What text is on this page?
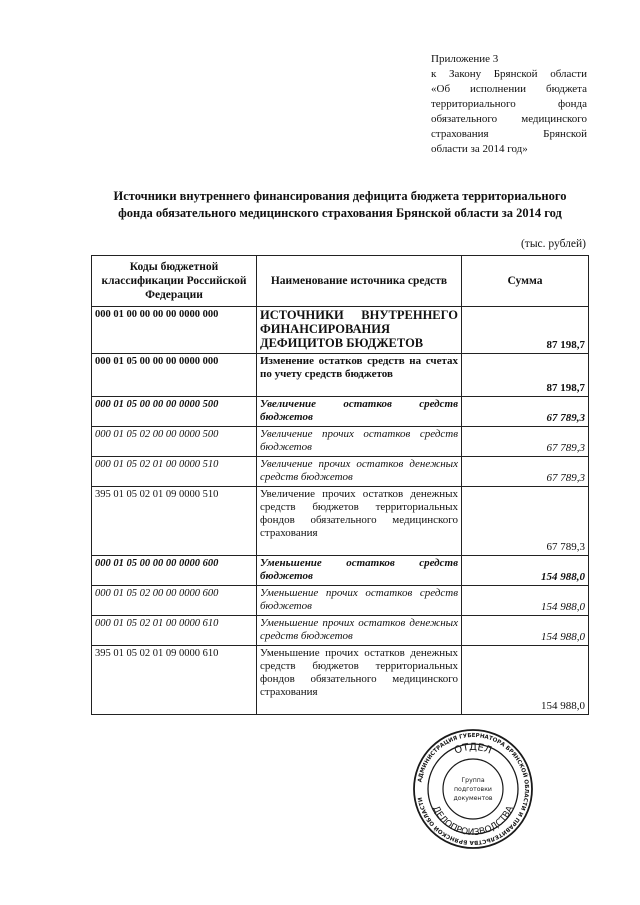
Приложение 3
к Закону Брянской области
«Об исполнении бюджета
территориального фонда
обязательного медицинского
страхования Брянской
области за 2014 год»
Источники внутреннего финансирования дефицита бюджета территориального
фонда обязательного медицинского страхования Брянской области за 2014 год
(тыс. рублей)
Коды бюджетной классификации Российской Федерации	Наименование источника средств	Сумма
000 01 00 00 00 00 0000 000	ИСТОЧНИКИ ВНУТРЕННЕГО ФИНАНСИРОВАНИЯ ДЕФИЦИТОВ БЮДЖЕТОВ	87 198,7
000 01 05 00 00 00 0000 000	Изменение остатков средств на счетах по учету средств бюджетов	87 198,7
000 01 05 00 00 00 0000 500	Увеличение остатков средств бюджетов	67 789,3
000 01 05 02 00 00 0000 500	Увеличение прочих остатков средств бюджетов	67 789,3
000 01 05 02 01 00 0000 510	Увеличение прочих остатков денежных средств бюджетов	67 789,3
395 01 05 02 01 09 0000 510	Увеличение прочих остатков денежных средств бюджетов территориальных фондов обязательного медицинского страхования	67 789,3
000 01 05 00 00 00 0000 600	Уменьшение остатков средств бюджетов	154 988,0
000 01 05 02 00 00 0000 600	Уменьшение прочих остатков средств бюджетов	154 988,0
000 01 05 02 01 00 0000 610	Уменьшение прочих остатков денежных средств бюджетов	154 988,0
395 01 05 02 01 09 0000 610	Уменьшение прочих остатков денежных средств бюджетов территориальных фондов обязательного медицинского страхования	154 988,0
АДМИНИСТРАЦИЯ ГУБЕРНАТОРА БРЯНСКОЙ ОБЛАСТИ И ПРАВИТЕЛЬСТВА БРЯНСКОЙ ОБЛАСТИ
ОТДЕЛ
ДЕЛОПРОИЗВОДСТВА
Группа
подготовки
документов
